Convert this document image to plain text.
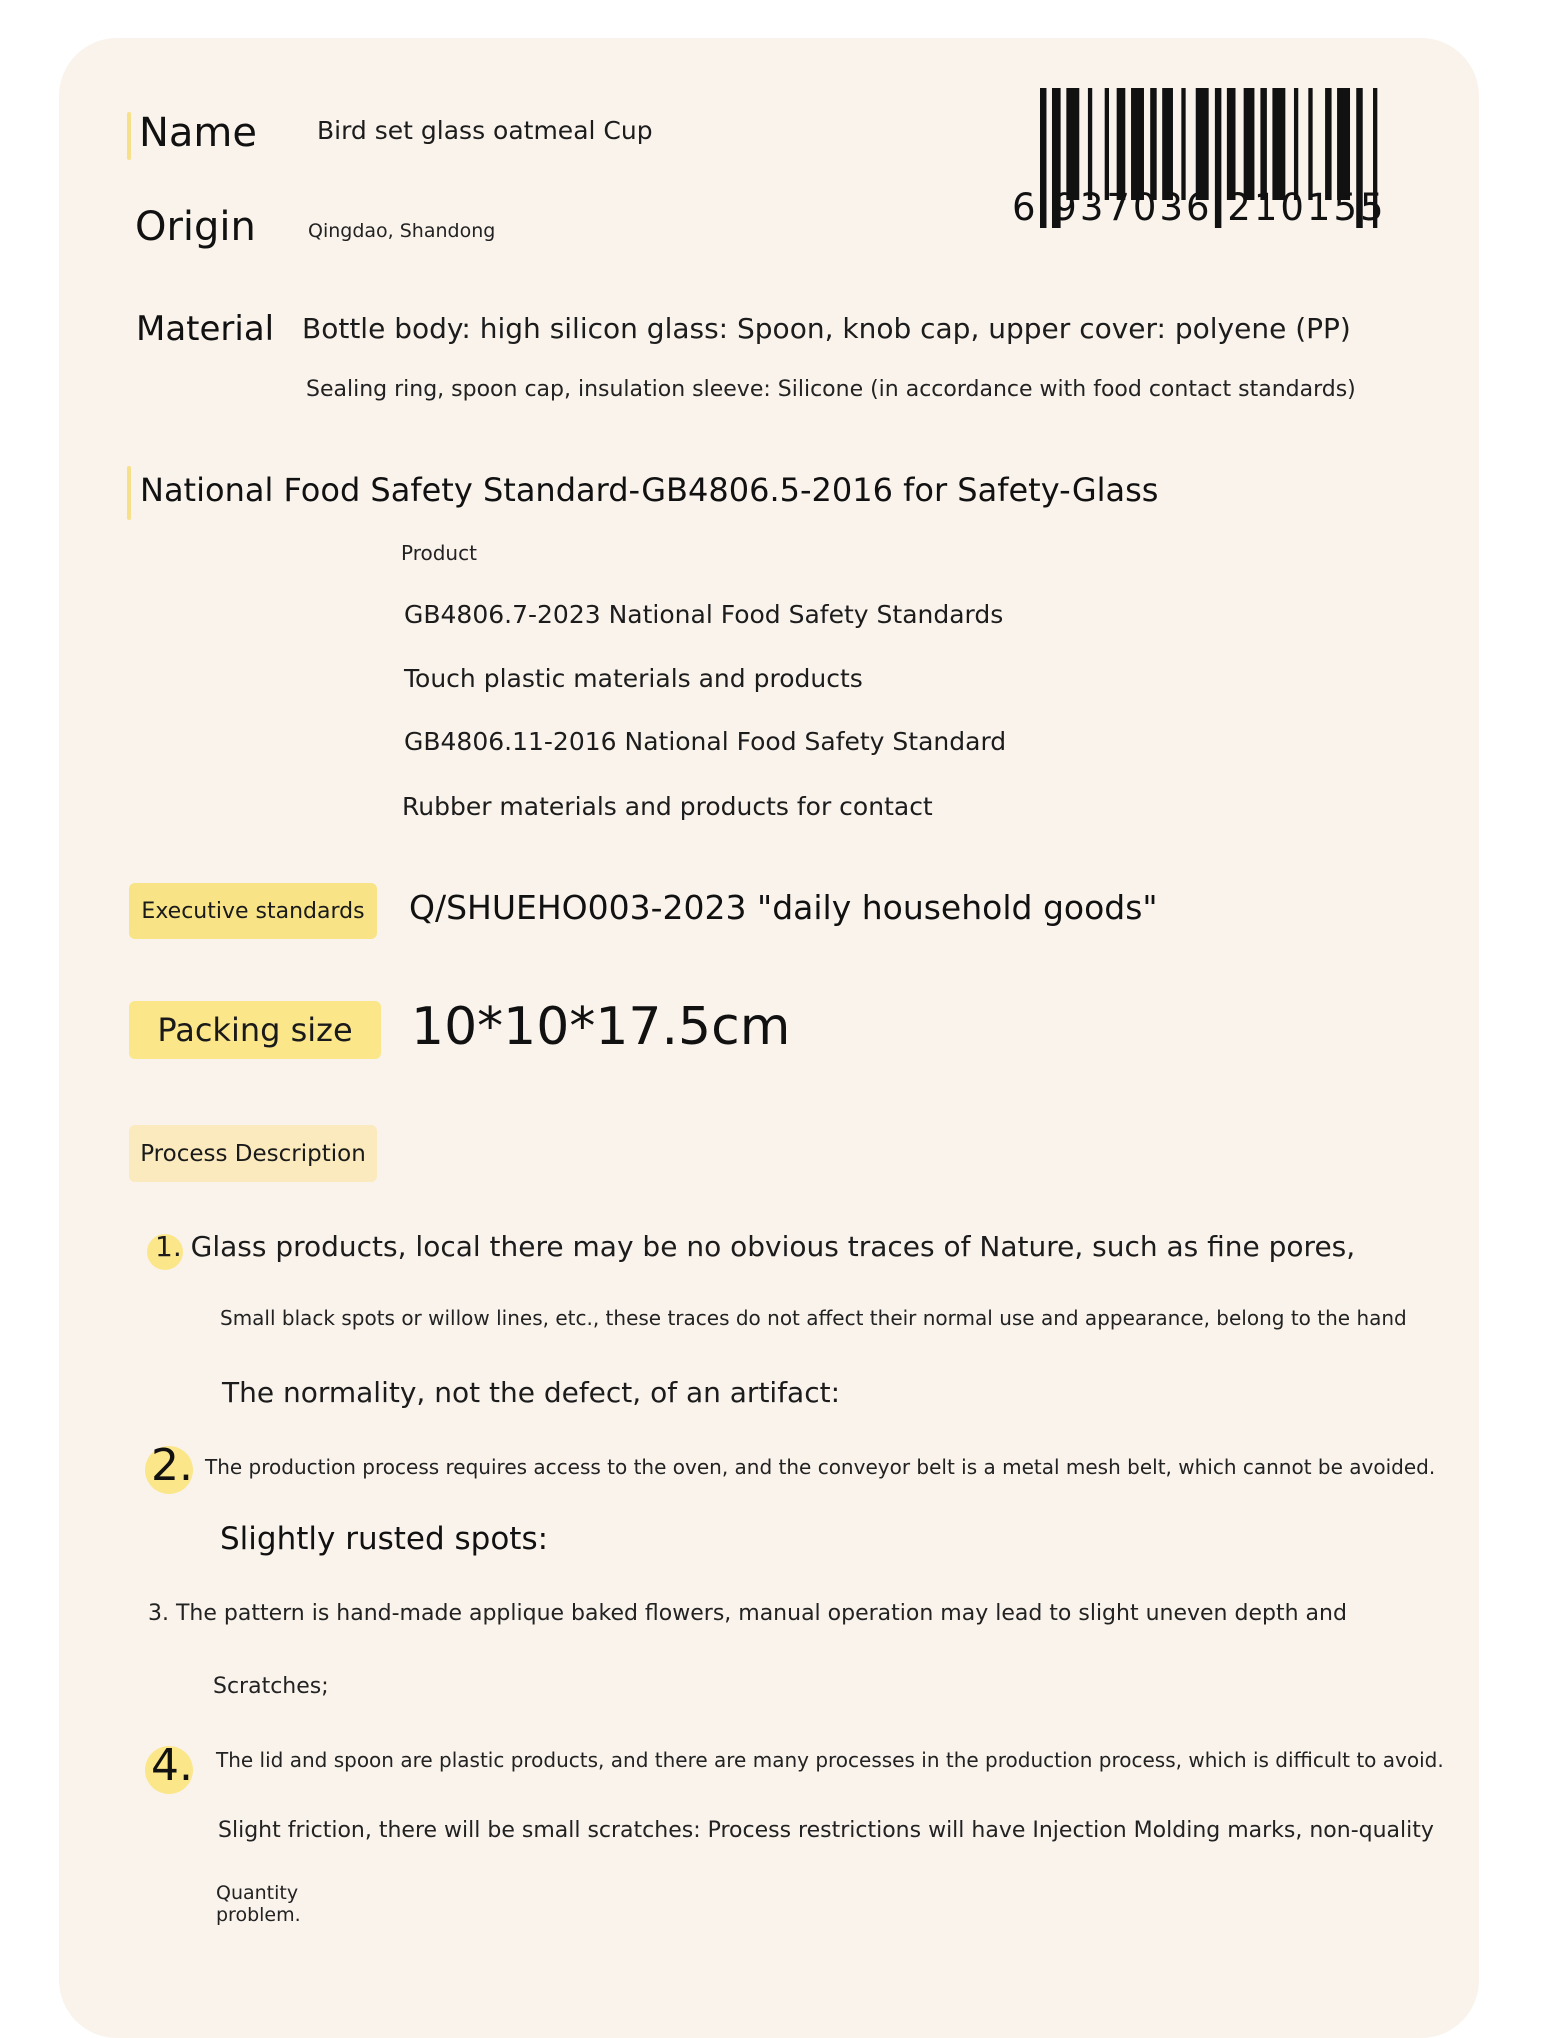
Name Bird set glass oatmeal Cup
Origin	Qingdao, Shandong
6 937036 210155
Material Bottle body: high silicon glass: Spoon, knob cap, upper cover: polyene (PP)
Sealing ring, spoon cap, insulation sleeve: Silicone (in accordance with food contact standards)
National Food Safety Standard-GB4806.5-2016 for Safety-Glass
Product
GB4806.7-2023 National Food Safety Standards
Touch plastic materials and products
GB4806.11-2016 National Food Safety Standard
Rubber materials and products for contact
Executive standards	Q/SHUEHO003-2023 "daily household goods"
Packing size	10*10*17.5cm
Process Description
1. Glass products, local there may be no obvious traces of Nature, such as fine pores,
Small black spots or willow lines, etc., these traces do not affect their normal use and appearance, belong to the hand
The normality, not the defect, of an artifact:
2. The production process requires access to the oven, and the conveyor belt is a metal mesh belt, which cannot be avoided.
Slightly rusted spots:
3. The pattern is hand-made applique baked flowers, manual operation may lead to slight uneven depth and
Scratches;
4. The lid and spoon are plastic products, and there are many processes in the production process, which is difficult to avoid.
Slight friction, there will be small scratches: Process restrictions will have Injection Molding marks, non-quality
Quantity
problem.
